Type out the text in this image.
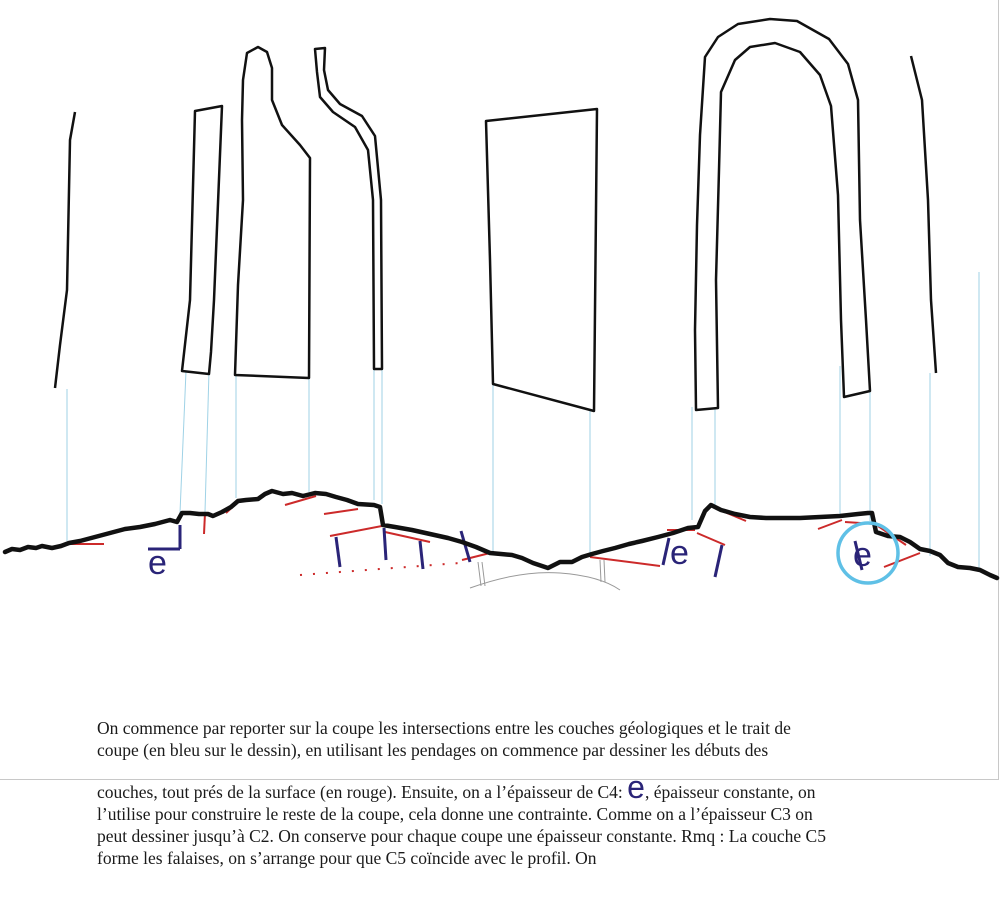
e	e	e
On commence par reporter sur la coupe les intersections entre les couches géologiques et le trait de
coupe (en bleu sur le dessin), en utilisant les pendages on commence par dessiner les débuts des
couches, tout prés de la surface (en rouge). Ensuite, on a l’épaisseur de C4: e, épaisseur constante, on
l’utilise pour construire le reste de la coupe, cela donne une contrainte. Comme on a l’épaisseur C3 on
peut dessiner jusqu’à C2. On conserve pour chaque coupe une épaisseur constante. Rmq : La couche C5
forme les falaises, on s’arrange pour que C5 coïncide avec le profil. On
